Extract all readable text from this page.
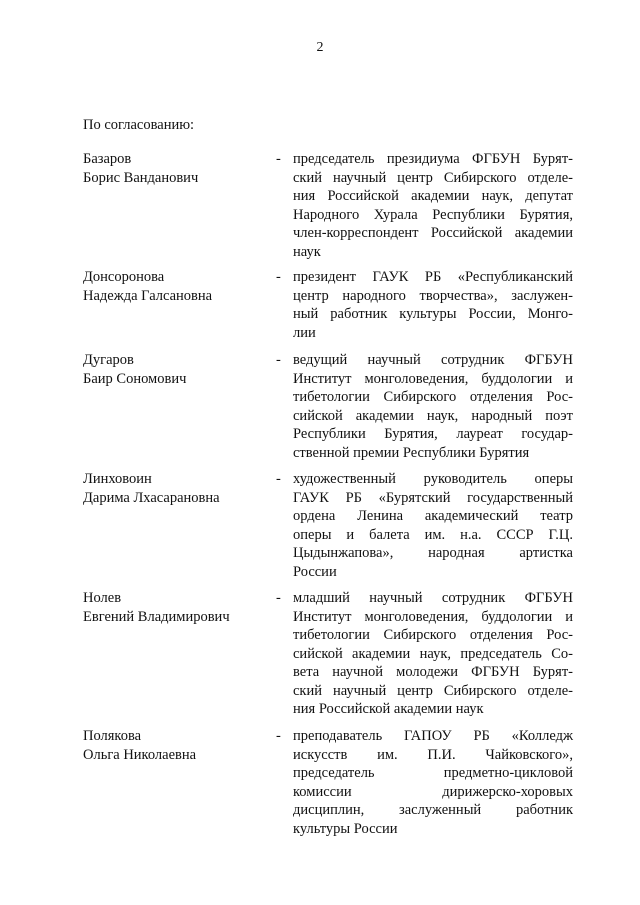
2
По согласованию:
Базаров
Борис Ванданович
- председатель президиума ФГБУН Бурят-
ский научный центр Сибирского отделе-
ния Российской академии наук, депутат
Народного Хурала Республики Бурятия,
член-корреспондент Российской академии
наук
Донсоронова
Надежда Галсановна
- президент ГАУК РБ «Республиканский
центр народного творчества», заслужен-
ный работник культуры России, Монго-
лии
Дугаров
Баир Сономович
- ведущий научный сотрудник ФГБУН
Институт монголоведения, буддологии и
тибетологии Сибирского отделения Рос-
сийской академии наук, народный поэт
Республики Бурятия, лауреат государ-
ственной премии Республики Бурятия
Линховоин
Дарима Лхасарановна
- художественный руководитель оперы
ГАУК РБ «Бурятский государственный
ордена Ленина академический театр
оперы и балета им. н.а. СССР Г.Ц.
Цыдынжапова», народная артистка
России
Нолев
Евгений Владимирович
- младший научный сотрудник ФГБУН
Институт монголоведения, буддологии и
тибетологии Сибирского отделения Рос-
сийской академии наук, председатель Со-
вета научной молодежи ФГБУН Бурят-
ский научный центр Сибирского отделе-
ния Российской академии наук
Полякова
Ольга Николаевна
- преподаватель ГАПОУ РБ «Колледж
искусств им. П.И. Чайковского»,
председатель предметно-цикловой
комиссии дирижерско-хоровых
дисциплин, заслуженный работник
культуры России
